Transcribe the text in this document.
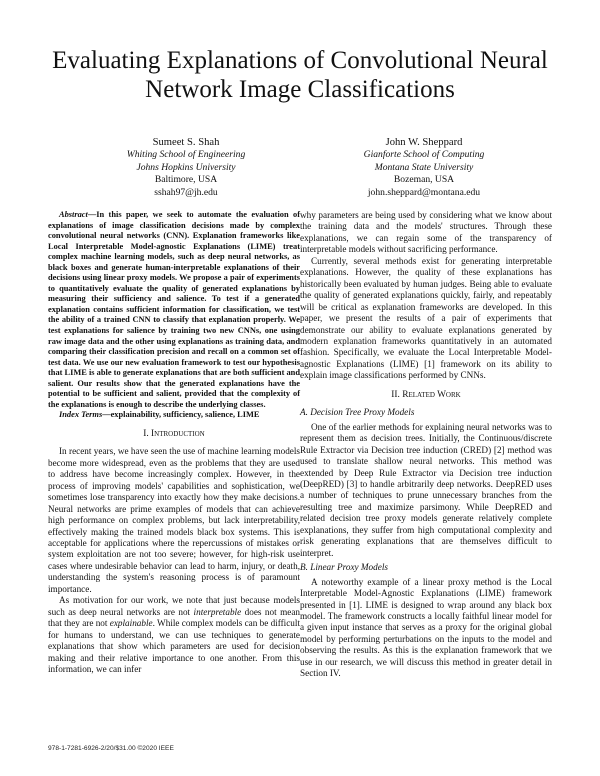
Evaluating Explanations of Convolutional Neural Network Image Classifications
Sumeet S. Shah
Whiting School of Engineering
Johns Hopkins University
Baltimore, USA
sshah97@jh.edu
John W. Sheppard
Gianforte School of Computing
Montana State University
Bozeman, USA
john.sheppard@montana.edu

Abstract—In this paper, we seek to automate the evaluation of explanations of image classification decisions made by complex convolutional neural networks (CNN). Explanation frameworks like Local Interpretable Model-agnostic Explanations (LIME) treat complex machine learning models, such as deep neural networks, as black boxes and generate human-interpretable explanations of their decisions using linear proxy models. We propose a pair of experiments to quantitatively evaluate the quality of generated explanations by measuring their sufficiency and salience. To test if a generated explanation contains sufficient information for classification, we test the ability of a trained CNN to classify that explanation properly. We test explanations for salience by training two new CNNs, one using raw image data and the other using explanations as training data, and comparing their classification precision and recall on a common set of test data. We use our new evaluation framework to test our hypothesis that LIME is able to generate explanations that are both sufficient and salient. Our results show that the generated explanations have the potential to be sufficient and salient, provided that the complexity of the explanations is enough to describe the underlying classes.

Index Terms—explainability, sufficiency, salience, LIME

I. Introduction

In recent years, we have seen the use of machine learning models become more widespread, even as the problems that they are used to address have become increasingly complex. However, in the process of improving models' capabilities and sophistication, we sometimes lose transparency into exactly how they make decisions. Neural networks are prime examples of models that can achieve high performance on complex problems, but lack interpretability, effectively making the trained models black box systems. This is acceptable for applications where the repercussions of mistakes or system exploitation are not too severe; however, for high-risk use cases where undesirable behavior can lead to harm, injury, or death, understanding the system's reasoning process is of paramount importance.

As motivation for our work, we note that just because models such as deep neural networks are not interpretable does not mean that they are not explainable. While complex models can be difficult for humans to understand, we can use techniques to generate explanations that show which parameters are used for decision making and their relative importance to one another. From this information, we can infer

why parameters are being used by considering what we know about the training data and the models' structures. Through these explanations, we can regain some of the transparency of interpretable models without sacrificing performance.

Currently, several methods exist for generating interpretable explanations. However, the quality of these explanations has historically been evaluated by human judges. Being able to evaluate the quality of generated explanations quickly, fairly, and repeatably will be critical as explanation frameworks are developed. In this paper, we present the results of a pair of experiments that demonstrate our ability to evaluate explanations generated by modern explanation frameworks quantitatively in an automated fashion. Specifically, we evaluate the Local Interpretable Model-agnostic Explanations (LIME) [1] framework on its ability to explain image classifications performed by CNNs.

II. Related Work
A. Decision Tree Proxy Models

One of the earlier methods for explaining neural networks was to represent them as decision trees. Initially, the Continuous/discrete Rule Extractor via Decision tree induction (CRED) [2] method was used to translate shallow neural networks. This method was extended by Deep Rule Extractor via Decision tree induction (DeepRED) [3] to handle arbitrarily deep networks. DeepRED uses a number of techniques to prune unnecessary branches from the resulting tree and maximize parsimony. While DeepRED and related decision tree proxy models generate relatively complete explanations, they suffer from high computational complexity and risk generating explanations that are themselves difficult to interpret.

B. Linear Proxy Models

A noteworthy example of a linear proxy method is the Local Interpretable Model-Agnostic Explanations (LIME) framework presented in [1]. LIME is designed to wrap around any black box model. The framework constructs a locally faithful linear model for a given input instance that serves as a proxy for the original global model by performing perturbations on the inputs to the model and observing the results. As this is the explanation framework that we use in our research, we will discuss this method in greater detail in Section IV.

978-1-7281-6926-2/20/$31.00 ©2020 IEEE
